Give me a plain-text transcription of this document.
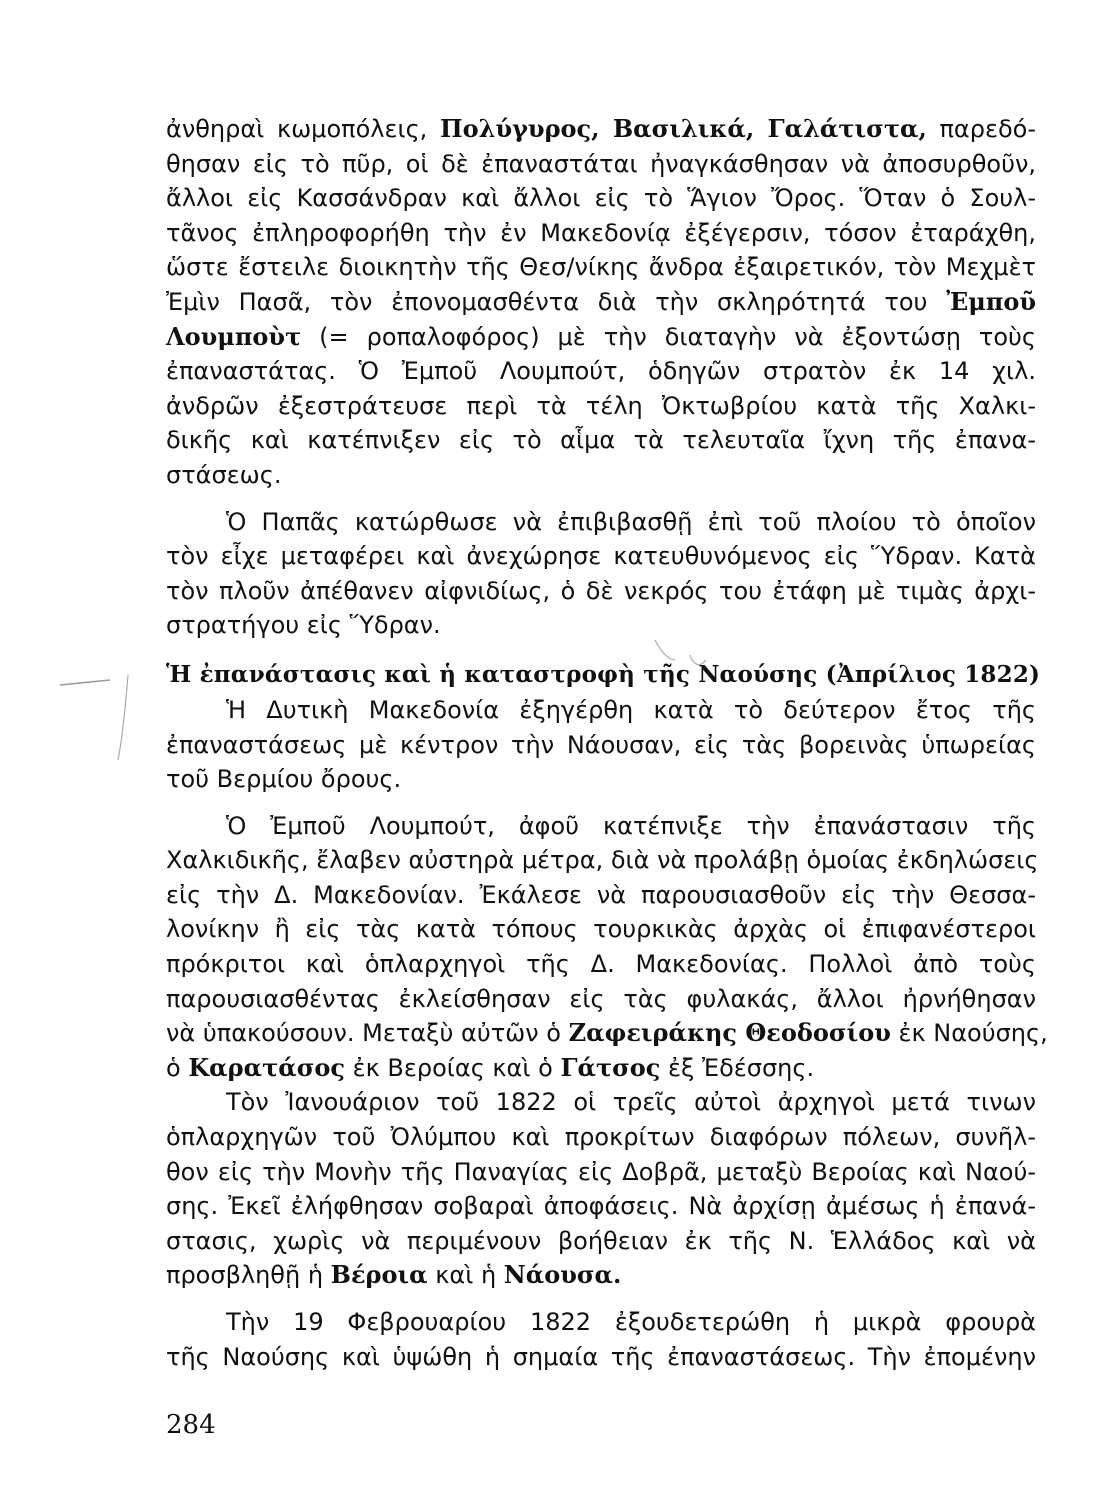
ἀνθηραὶ κωμοπόλεις, Πολύγυρος, Βασιλικά, Γαλάτιστα, παρεδό-
θησαν εἰς τὸ πῦρ, οἱ δὲ ἐπαναστάται ἠναγκάσθησαν νὰ ἀποσυρθοῦν,
ἄλλοι εἰς Κασσάνδραν καὶ ἄλλοι εἰς τὸ Ἅγιον Ὄρος. Ὅταν ὁ Σουλ-
τᾶνος ἐπληροφορήθη τὴν ἐν Μακεδονίᾳ ἐξέγερσιν, τόσον ἐταράχθη,
ὥστε ἔστειλε διοικητὴν τῆς Θεσ/νίκης ἄνδρα ἐξαιρετικόν, τὸν Μεχμὲτ
Ἐμὶν Πασᾶ, τὸν ἐπονομασθέντα διὰ τὴν σκληρότητά του Ἐμποῦ
Λουμποὺτ (= ροπαλοφόρος) μὲ τὴν διαταγὴν νὰ ἐξοντώσῃ τοὺς
ἐπαναστάτας. Ὁ Ἐμποῦ Λουμπούτ, ὁδηγῶν στρατὸν ἐκ 14 χιλ.
ἀνδρῶν ἐξεστράτευσε περὶ τὰ τέλη Ὀκτωβρίου κατὰ τῆς Χαλκι-
δικῆς καὶ κατέπνιξεν εἰς τὸ αἷμα τὰ τελευταῖα ἴχνη τῆς ἐπανα-
στάσεως.
Ὁ Παπᾶς κατώρθωσε νὰ ἐπιβιβασθῇ ἐπὶ τοῦ πλοίου τὸ ὁποῖον
τὸν εἶχε μεταφέρει καὶ ἀνεχώρησε κατευθυνόμενος εἰς Ὕδραν. Κατὰ
τὸν πλοῦν ἀπέθανεν αἰφνιδίως, ὁ δὲ νεκρός του ἐτάφη μὲ τιμὰς ἀρχι-
στρατήγου εἰς Ὕδραν.
Ἡ ἐπανάστασις καὶ ἡ καταστροφὴ τῆς Ναούσης (Ἀπρίλιος 1822)
Ἡ Δυτικὴ Μακεδονία ἐξηγέρθη κατὰ τὸ δεύτερον ἔτος τῆς
ἐπαναστάσεως μὲ κέντρον τὴν Νάουσαν, εἰς τὰς βορεινὰς ὑπωρείας
τοῦ Βερμίου ὄρους.
Ὁ Ἐμποῦ Λουμπούτ, ἀφοῦ κατέπνιξε τὴν ἐπανάστασιν τῆς
Χαλκιδικῆς, ἔλαβεν αὐστηρὰ μέτρα, διὰ νὰ προλάβῃ ὁμοίας ἐκδηλώσεις
εἰς τὴν Δ. Μακεδονίαν. Ἐκάλεσε νὰ παρουσιασθοῦν εἰς τὴν Θεσσα-
λονίκην ἢ εἰς τὰς κατὰ τόπους τουρκικὰς ἀρχὰς οἱ ἐπιφανέστεροι
πρόκριτοι καὶ ὁπλαρχηγοὶ τῆς Δ. Μακεδονίας. Πολλοὶ ἀπὸ τοὺς
παρουσιασθέντας ἐκλείσθησαν εἰς τὰς φυλακάς, ἄλλοι ἠρνήθησαν
νὰ ὑπακούσουν. Μεταξὺ αὐτῶν ὁ Ζαφειράκης Θεοδοσίου ἐκ Ναούσης,
ὁ Καρατάσος ἐκ Βεροίας καὶ ὁ Γάτσος ἐξ Ἐδέσσης.
Τὸν Ἰανουάριον τοῦ 1822 οἱ τρεῖς αὐτοὶ ἀρχηγοὶ μετά τινων
ὁπλαρχηγῶν τοῦ Ὀλύμπου καὶ προκρίτων διαφόρων πόλεων, συνῆλ-
θον εἰς τὴν Μονὴν τῆς Παναγίας εἰς Δοβρᾶ, μεταξὺ Βεροίας καὶ Ναού-
σης. Ἐκεῖ ἐλήφθησαν σοβαραὶ ἀποφάσεις. Νὰ ἀρχίσῃ ἀμέσως ἡ ἐπανά-
στασις, χωρὶς νὰ περιμένουν βοήθειαν ἐκ τῆς Ν. Ἑλλάδος καὶ νὰ
προσβληθῇ ἡ Βέροια καὶ ἡ Νάουσα.
Τὴν 19 Φεβρουαρίου 1822 ἐξουδετερώθη ἡ μικρὰ φρουρὰ
τῆς Ναούσης καὶ ὑψώθη ἡ σημαία τῆς ἐπαναστάσεως. Τὴν ἐπομένην
284
